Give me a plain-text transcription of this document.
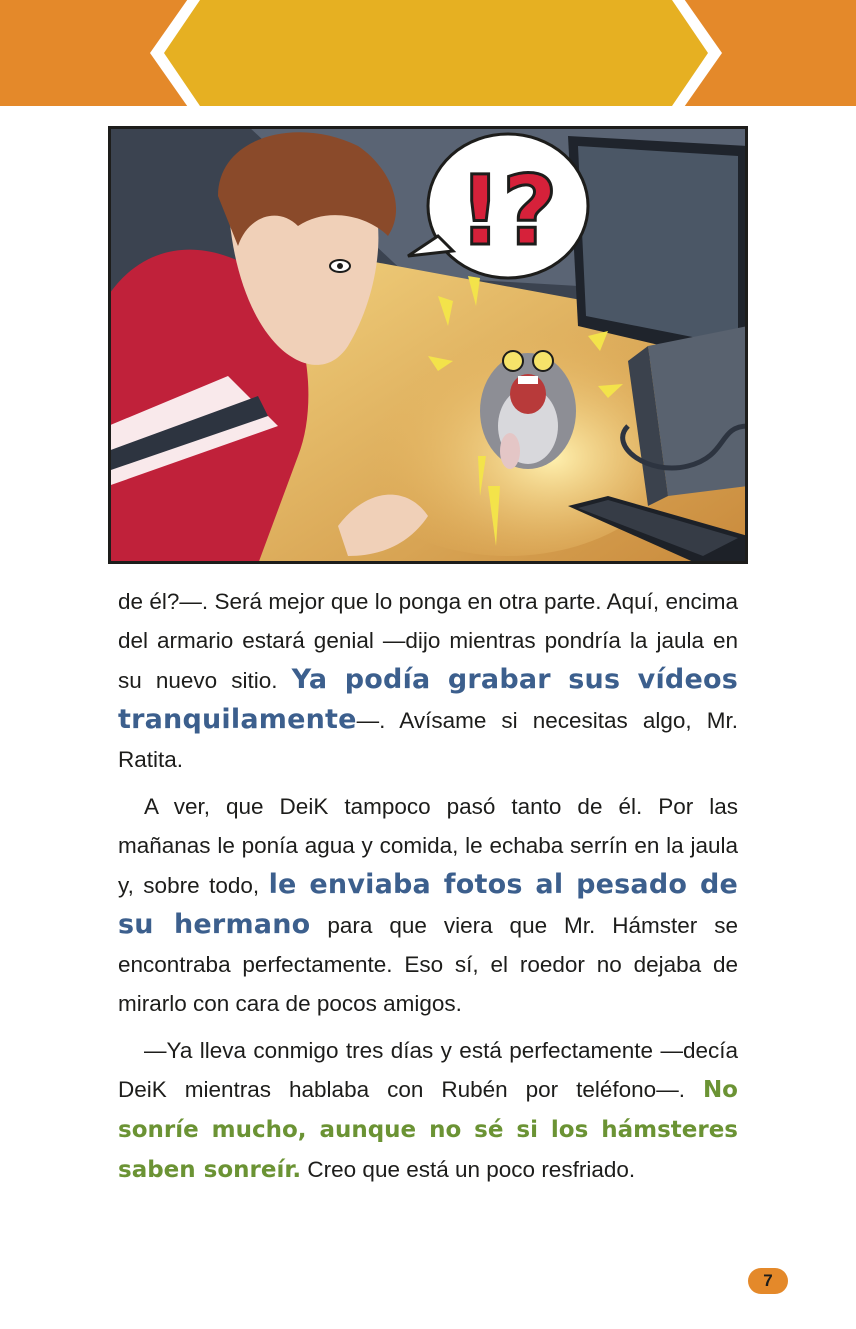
!?

de él?—. Será mejor que lo ponga en otra parte. Aquí, encima del armario estará genial —dijo mientras pondría la jaula en su nuevo sitio. Ya podía grabar sus vídeos tranquilamente—. Avísame si necesitas algo, Mr. Ratita.

A ver, que DeiK tampoco pasó tanto de él. Por las mañanas le ponía agua y comida, le echaba serrín en la jaula y, sobre todo, le enviaba fotos al pesado de su hermano para que viera que Mr. Hámster se encontraba perfectamente. Eso sí, el roedor no dejaba de mirarlo con cara de pocos amigos.

—Ya lleva conmigo tres días y está perfectamente —decía DeiK mientras hablaba con Rubén por teléfono—. No sonríe mucho, aunque no sé si los hámsteres saben sonreír. Creo que está un poco resfriado.

7
